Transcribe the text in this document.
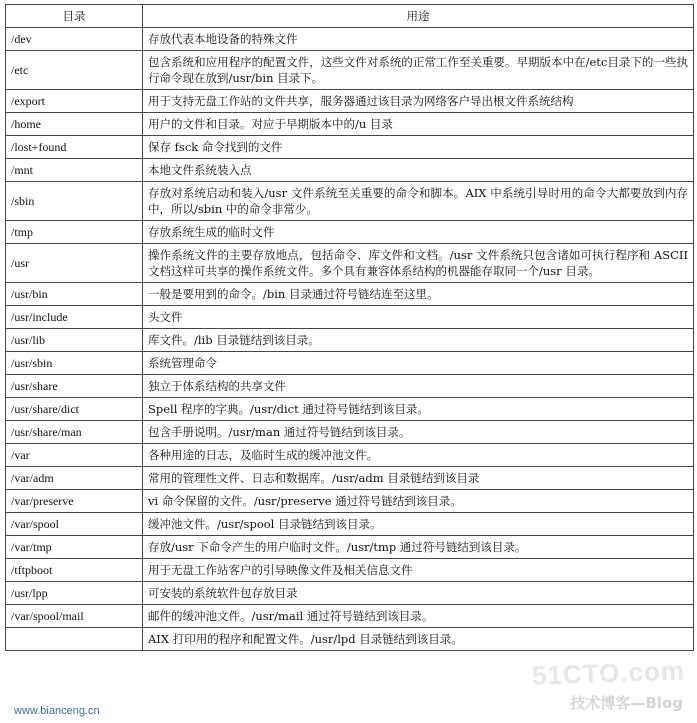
目录	用途
/dev	存放代表本地设备的特殊文件
/etc	包含系统和应用程序的配置文件，这些文件对系统的正常工作至关重要。早期版本中在/etc目录下的一些执行命令现在放到/usr/bin 目录下。
/export	用于支持无盘工作站的文件共享，服务器通过该目录为网络客户导出根文件系统结构
/home	用户的文件和目录。对应于早期版本中的/u 目录
/lost+found	保存 fsck 命令找到的文件
/mnt	本地文件系统装入点
/sbin	存放对系统启动和装入/usr 文件系统至关重要的命令和脚本。AIX 中系统引导时用的命令大都要放到内存中，所以/sbin 中的命令非常少。
/tmp	存放系统生成的临时文件
/usr	操作系统文件的主要存放地点，包括命令、库文件和文档。/usr 文件系统只包含诸如可执行程序和 ASCII 文档这样可共享的操作系统文件。多个具有兼容体系结构的机器能存取同一个/usr 目录。
/usr/bin	一般是要用到的命令。/bin 目录通过符号链结连至这里。
/usr/include	头文件
/usr/lib	库文件。/lib 目录链结到该目录。
/usr/sbin	系统管理命令
/usr/share	独立于体系结构的共享文件
/usr/share/dict	Spell 程序的字典。/usr/dict 通过符号链结到该目录。
/usr/share/man	包含手册说明。/usr/man 通过符号链结到该目录。
/var	各种用途的日志，及临时生成的缓冲池文件。
/var/adm	常用的管理性文件、日志和数据库。/usr/adm 目录链结到该目录
/var/preserve	vi 命令保留的文件。/usr/preserve 通过符号链结到该目录。
/var/spool	缓冲池文件。/usr/spool 目录链结到该目录。
/var/tmp	存放/usr 下命令产生的用户临时文件。/usr/tmp 通过符号链结到该目录。
/tftpboot	用于无盘工作站客户的引导映像文件及相关信息文件
/usr/lpp	可安装的系统软件包存放目录
/var/spool/mail	邮件的缓冲池文件。/usr/mail 通过符号链结到该目录。
	AIX 打印用的程序和配置文件。/usr/lpd 目录链结到该目录。
51CTO.com
技术博客—Blog
www.bianceng.cn
